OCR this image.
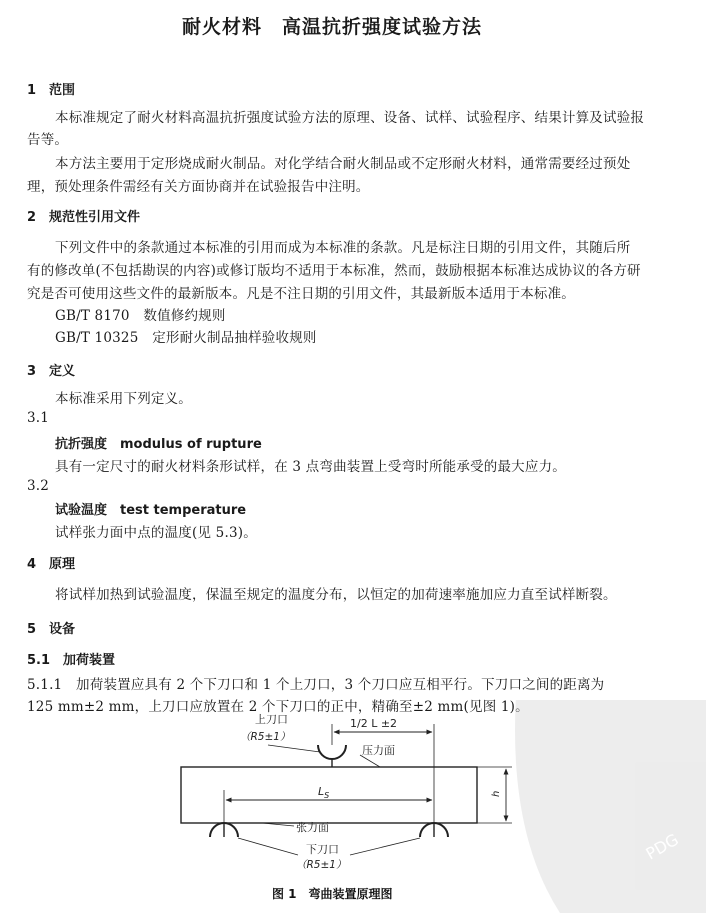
耐火材料　高温抗折强度试验方法
1　范围
本标准规定了耐火材料高温抗折强度试验方法的原理、设备、试样、试验程序、结果计算及试验报
告等。
本方法主要用于定形烧成耐火制品。对化学结合耐火制品或不定形耐火材料，通常需要经过预处
理，预处理条件需经有关方面协商并在试验报告中注明。
2　规范性引用文件
下列文件中的条款通过本标准的引用而成为本标准的条款。凡是标注日期的引用文件，其随后所
有的修改单(不包括勘误的内容)或修订版均不适用于本标准，然而，鼓励根据本标准达成协议的各方研
究是否可使用这些文件的最新版本。凡是不注日期的引用文件，其最新版本适用于本标准。
GB/T 8170　数值修约规则
GB/T 10325　定形耐火制品抽样验收规则
3　定义
本标准采用下列定义。
3.1
抗折强度　modulus of rupture
具有一定尺寸的耐火材料条形试样，在 3 点弯曲装置上受弯时所能承受的最大应力。
3.2
试验温度　test temperature
试样张力面中点的温度(见 5.3)。
4　原理
将试样加热到试验温度，保温至规定的温度分布，以恒定的加荷速率施加应力直至试样断裂。
5　设备
5.1　加荷装置
5.1.1　加荷装置应具有 2 个下刀口和 1 个上刀口，3 个刀口应互相平行。下刀口之间的距离为
125 mm±2 mm，上刀口应放置在 2 个下刀口的正中，精确至±2 mm(见图 1)。
上刀口
（R5±1）
1/2 L ±2
压力面
$L_S$	h
张力面
下刀口
（R5±1）
图 1　弯曲装置原理图
PDG
